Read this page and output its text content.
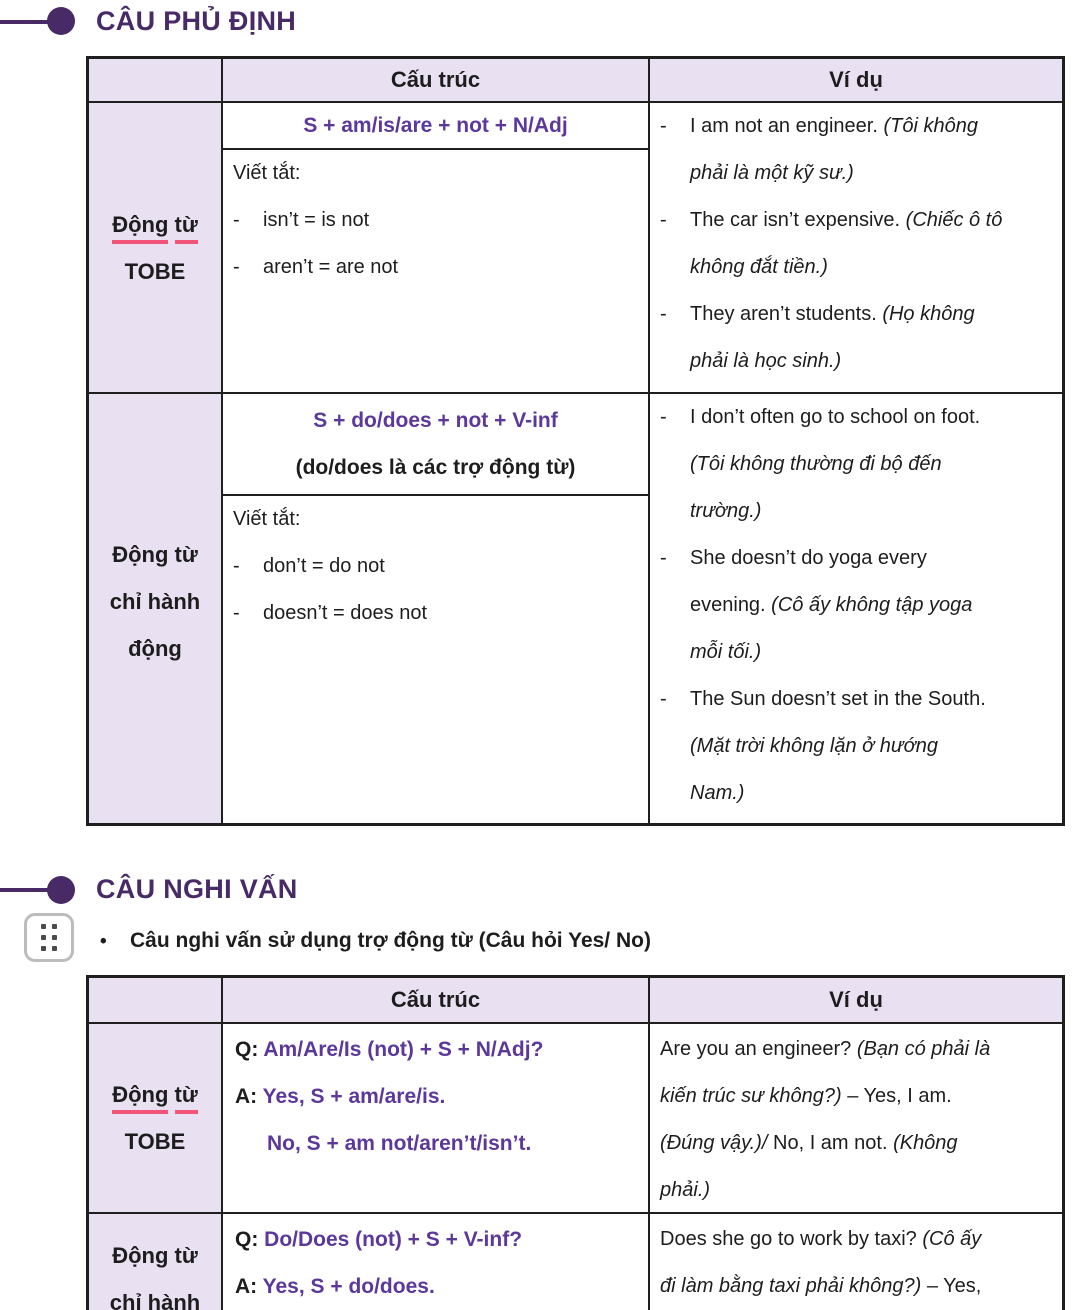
CÂU PHỦ ĐỊNH
Cấu trúc	Ví dụ
Động từ
TOBE
S + am/is/are + not + N/Adj
Viết tắt:
- isn’t = is not
- aren’t = are not
- I am not an engineer. (Tôi không
phải là một kỹ sư.)
- The car isn’t expensive. (Chiếc ô tô
không đắt tiền.)
- They aren’t students. (Họ không
phải là học sinh.)
Động từ
chỉ hành
động
S + do/does + not + V-inf
(do/does là các trợ động từ)
Viết tắt:
- don’t = do not
- doesn’t = does not
- I don’t often go to school on foot.
(Tôi không thường đi bộ đến
trường.)
- She doesn’t do yoga every
evening. (Cô ấy không tập yoga
mỗi tối.)
- The Sun doesn’t set in the South.
(Mặt trời không lặn ở hướng
Nam.)
CÂU NGHI VẤN
• Câu nghi vấn sử dụng trợ động từ (Câu hỏi Yes/ No)
Cấu trúc	Ví dụ
Động từ
TOBE
Q: Am/Are/Is (not) + S + N/Adj?
A: Yes, S + am/are/is.
No, S + am not/aren’t/isn’t.
Are you an engineer? (Bạn có phải là
kiến trúc sư không?) – Yes, I am.
(Đúng vậy.)/ No, I am not. (Không
phải.)
Động từ
chỉ hành
Q: Do/Does (not) + S + V-inf?
A: Yes, S + do/does.
Does she go to work by taxi? (Cô ấy
đi làm bằng taxi phải không?) – Yes,
